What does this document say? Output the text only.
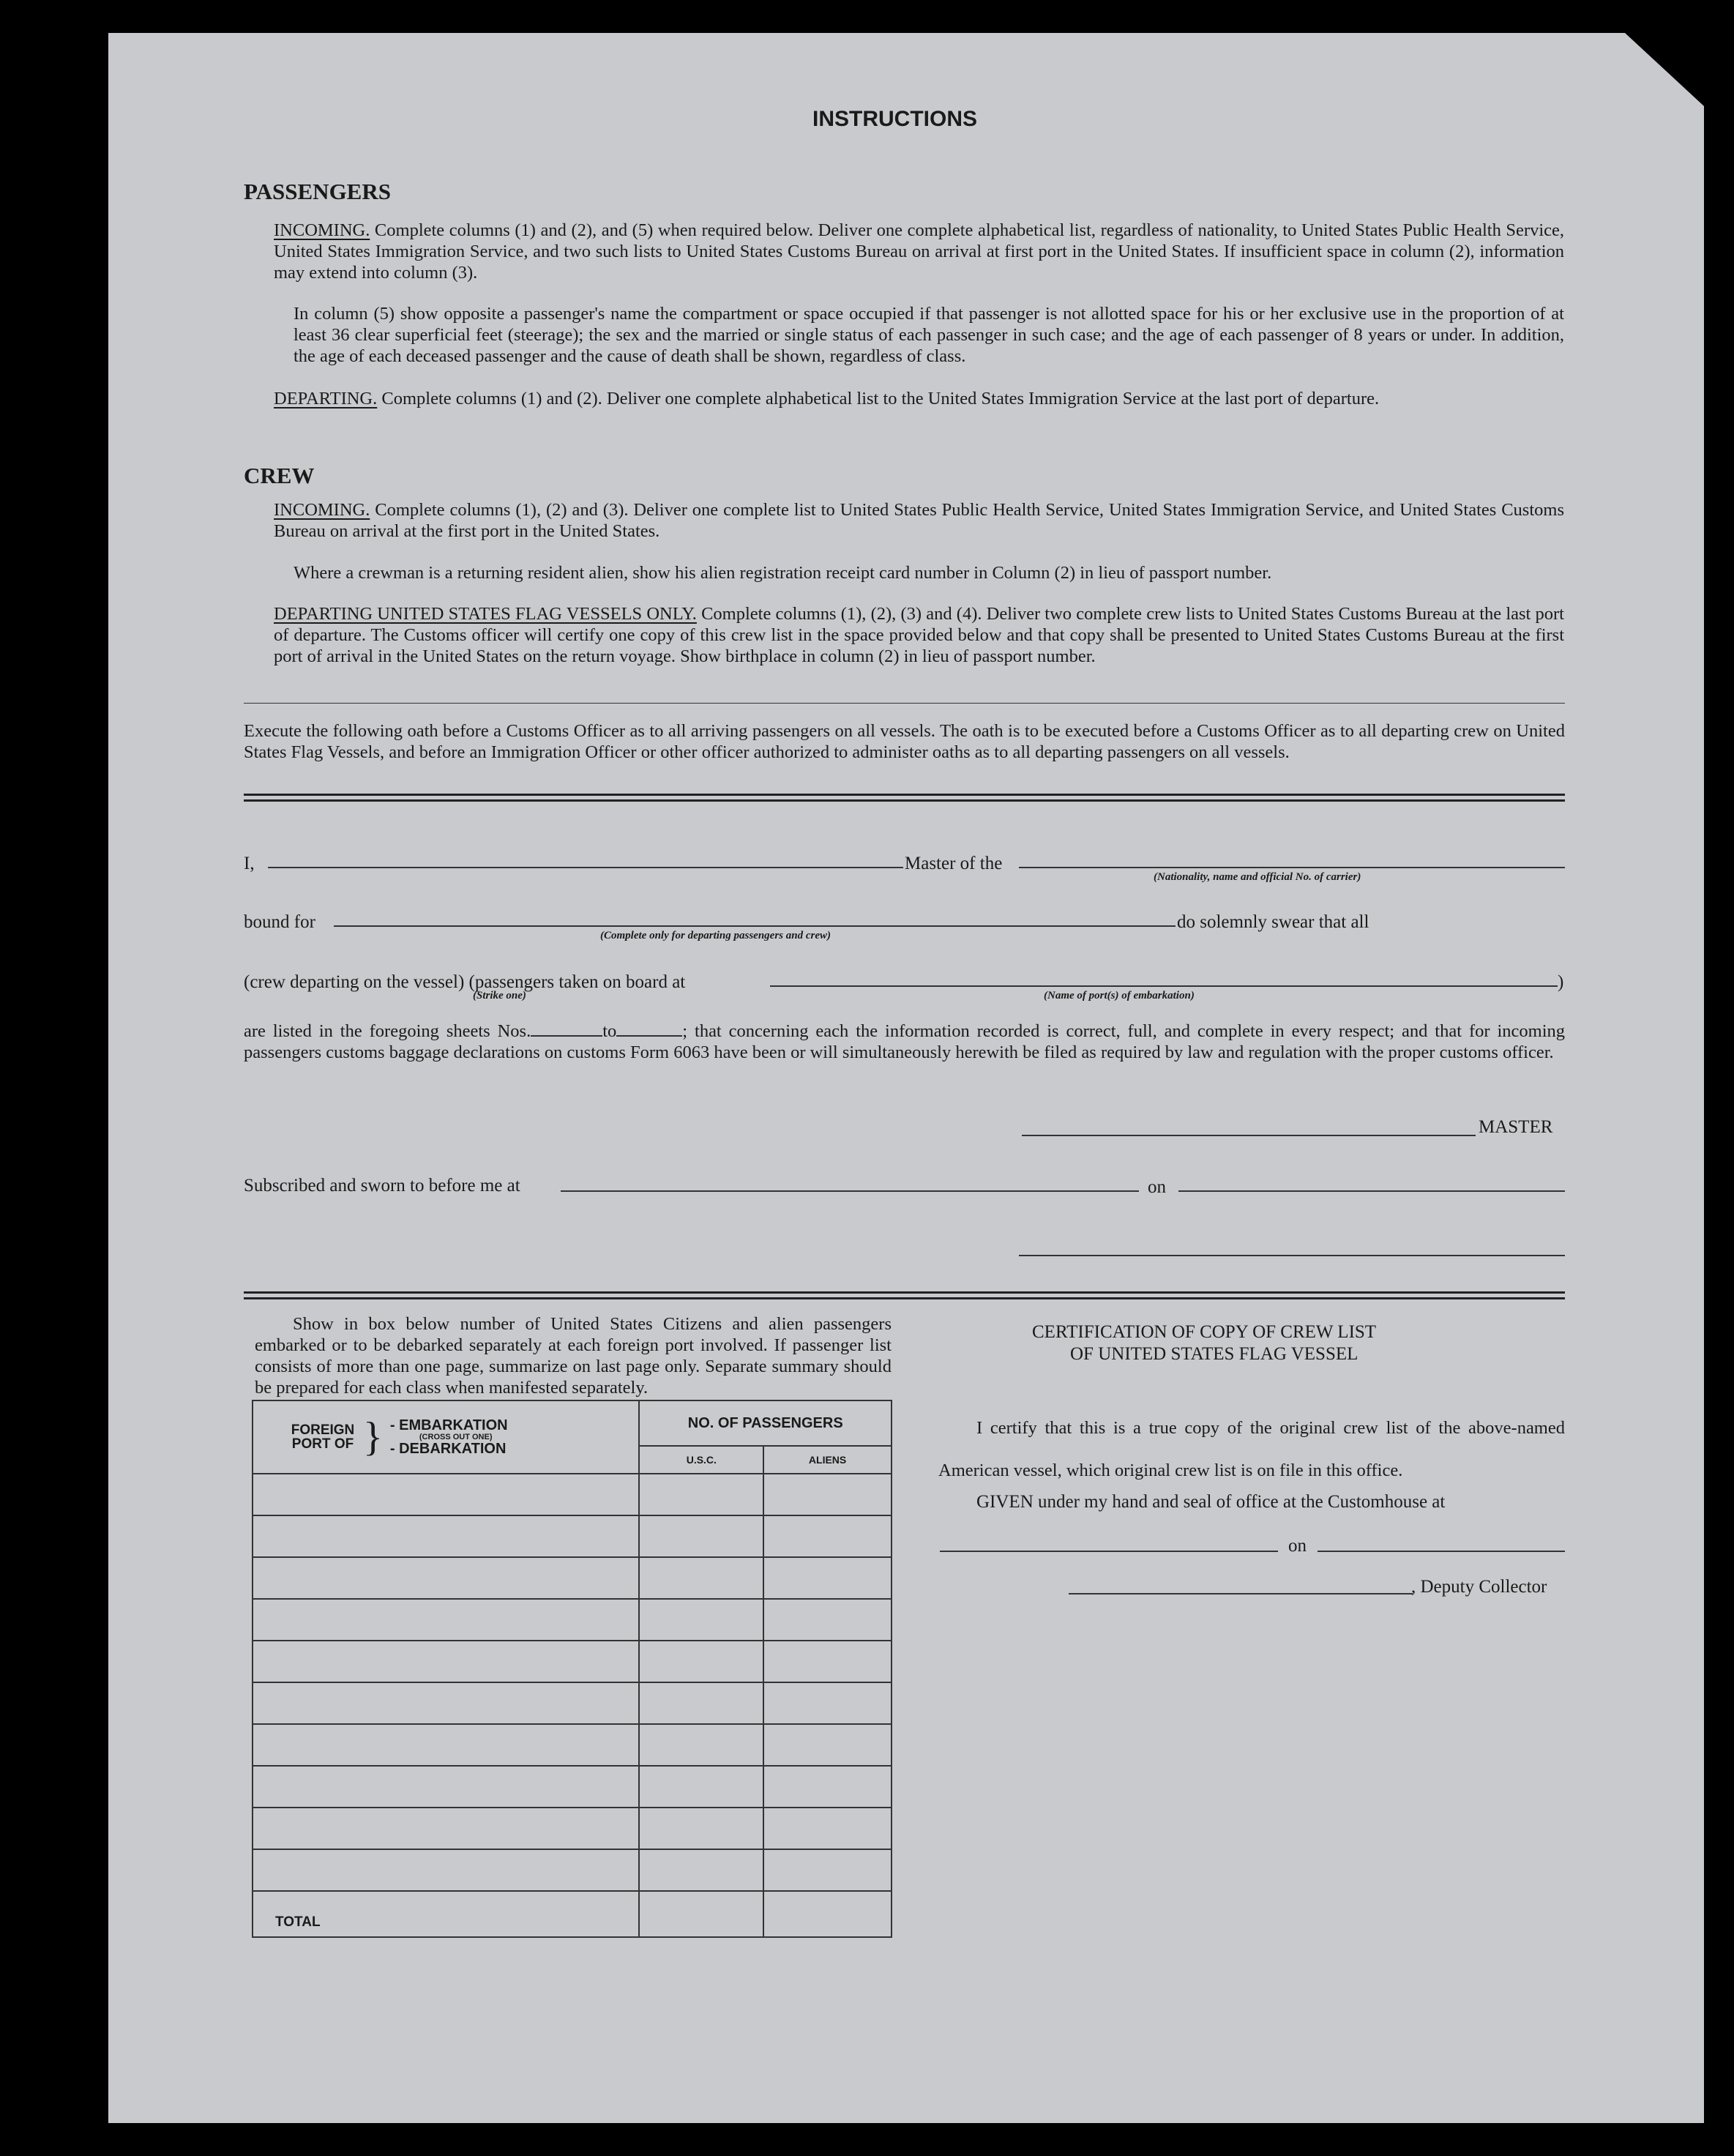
INSTRUCTIONS
PASSENGERS
INCOMING. Complete columns (1) and (2), and (5) when required below. Deliver one complete alphabetical list, regardless of nationality, to United States Public Health Service, United States Immigration Service, and two such lists to United States Customs Bureau on arrival at first port in the United States. If insufficient space in column (2), information may extend into column (3).
In column (5) show opposite a passenger's name the compartment or space occupied if that passenger is not allotted space for his or her exclusive use in the proportion of at least 36 clear superficial feet (steerage); the sex and the married or single status of each passenger in such case; and the age of each passenger of 8 years or under. In addition, the age of each deceased passenger and the cause of death shall be shown, regardless of class.
DEPARTING. Complete columns (1) and (2). Deliver one complete alphabetical list to the United States Immigration Service at the last port of departure.
CREW
INCOMING. Complete columns (1), (2) and (3). Deliver one complete list to United States Public Health Service, United States Immigration Service, and United States Customs Bureau on arrival at the first port in the United States.
Where a crewman is a returning resident alien, show his alien registration receipt card number in Column (2) in lieu of passport number.
DEPARTING UNITED STATES FLAG VESSELS ONLY. Complete columns (1), (2), (3) and (4). Deliver two complete crew lists to United States Customs Bureau at the last port of departure. The Customs officer will certify one copy of this crew list in the space provided below and that copy shall be presented to United States Customs Bureau at the first port of arrival in the United States on the return voyage. Show birthplace in column (2) in lieu of passport number.
Execute the following oath before a Customs Officer as to all arriving passengers on all vessels. The oath is to be executed before a Customs Officer as to all departing crew on United States Flag Vessels, and before an Immigration Officer or other officer authorized to administer oaths as to all departing passengers on all vessels.
I,	Master of the
(Nationality, name and official No. of carrier)
bound for
(Complete only for departing passengers and crew)
do solemnly swear that all
(crew departing on the vessel) (passengers taken on board at
(Strike one)
)
(Name of port(s) of embarkation)
are listed in the foregoing sheets Nos.	to	; that concerning each the information recorded is correct, full, and complete in every respect; and that for incoming passengers customs baggage declarations on customs Form 6063 have been or will simultaneously herewith be filed as required by law and regulation with the proper customs officer.
MASTER
Subscribed and sworn to before me at	on
Show in box below number of United States Citizens and alien passengers embarked or to be debarked separately at each foreign port involved. If passenger list consists of more than one page, summarize on last page only. Separate summary should be prepared for each class when manifested separately.
FOREIGN PORT OF } - EMBARKATION
(CROSS OUT ONE)
- DEBARKATION	NO. OF PASSENGERS	
	U.S.C.	ALIENS

TOTAL		
CERTIFICATION OF COPY OF CREW LIST
OF UNITED STATES FLAG VESSEL
I certify that this is a true copy of the original crew list of the above-named American vessel, which original crew list is on file in this office.
GIVEN under my hand and seal of office at the Customhouse at
on
, Deputy Collector
